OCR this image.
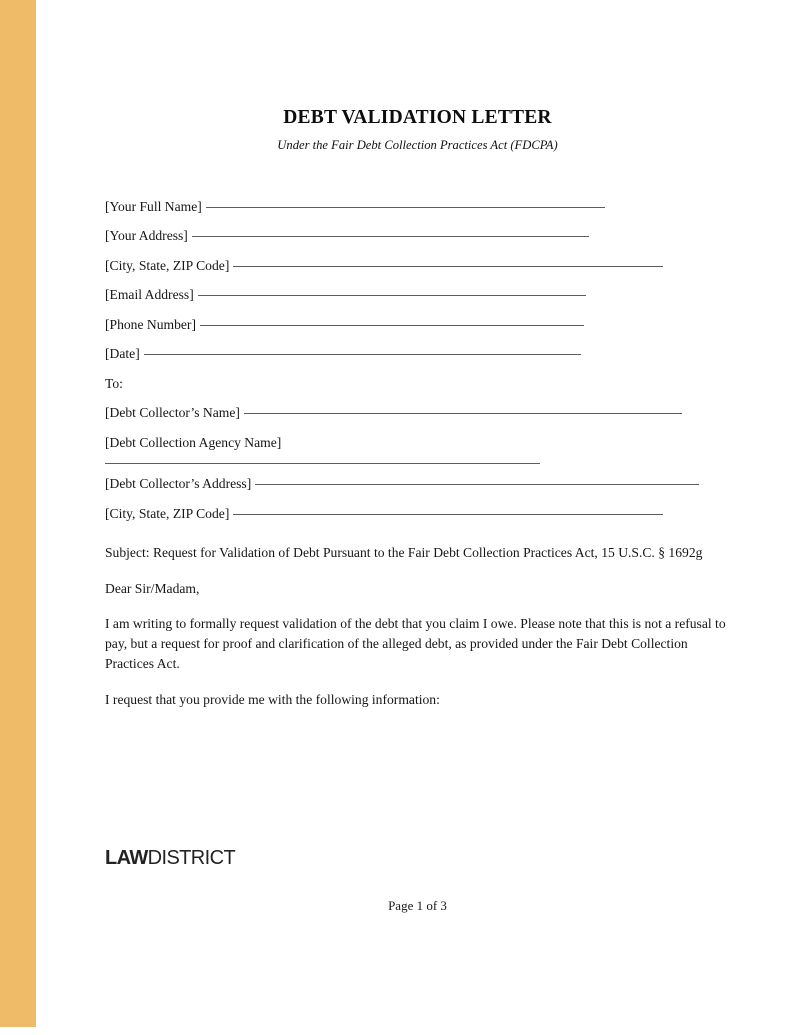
DEBT VALIDATION LETTER
Under the Fair Debt Collection Practices Act (FDCPA)
[Your Full Name]
[Your Address]
[City, State, ZIP Code]
[Email Address]
[Phone Number]
[Date]
To:
[Debt Collector’s Name]
[Debt Collection Agency Name]
[Debt Collector’s Address]
[City, State, ZIP Code]

Subject: Request for Validation of Debt Pursuant to the Fair Debt Collection Practices Act, 15 U.S.C. § 1692g

Dear Sir/Madam,

I am writing to formally request validation of the debt that you claim I owe. Please note that this is not a refusal to pay, but a request for proof and clarification of the alleged debt, as provided under the Fair Debt Collection Practices Act.

I request that you provide me with the following information:

LAWDISTRICT
Page 1 of 3
